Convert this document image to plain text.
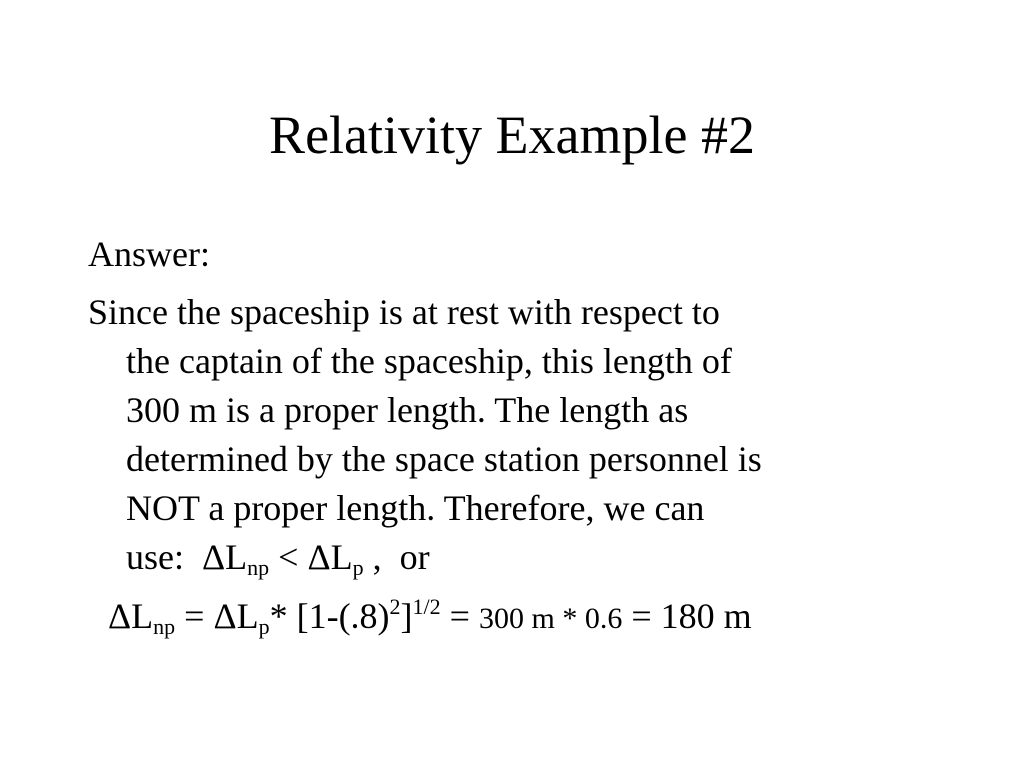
Relativity Example #2
Answer:
Since the spaceship is at rest with respect to
the captain of the spaceship, this length of
300 m is a proper length. The length as
determined by the space station personnel is
NOT a proper length. Therefore, we can
use:  $\Delta L_{np} < \Delta L_p$ ,  or
$\Delta L_{np} = \Delta L_p*$ $[1-(.8)^2]^{1/2} = 300$ m * 0.6 = 180 m
